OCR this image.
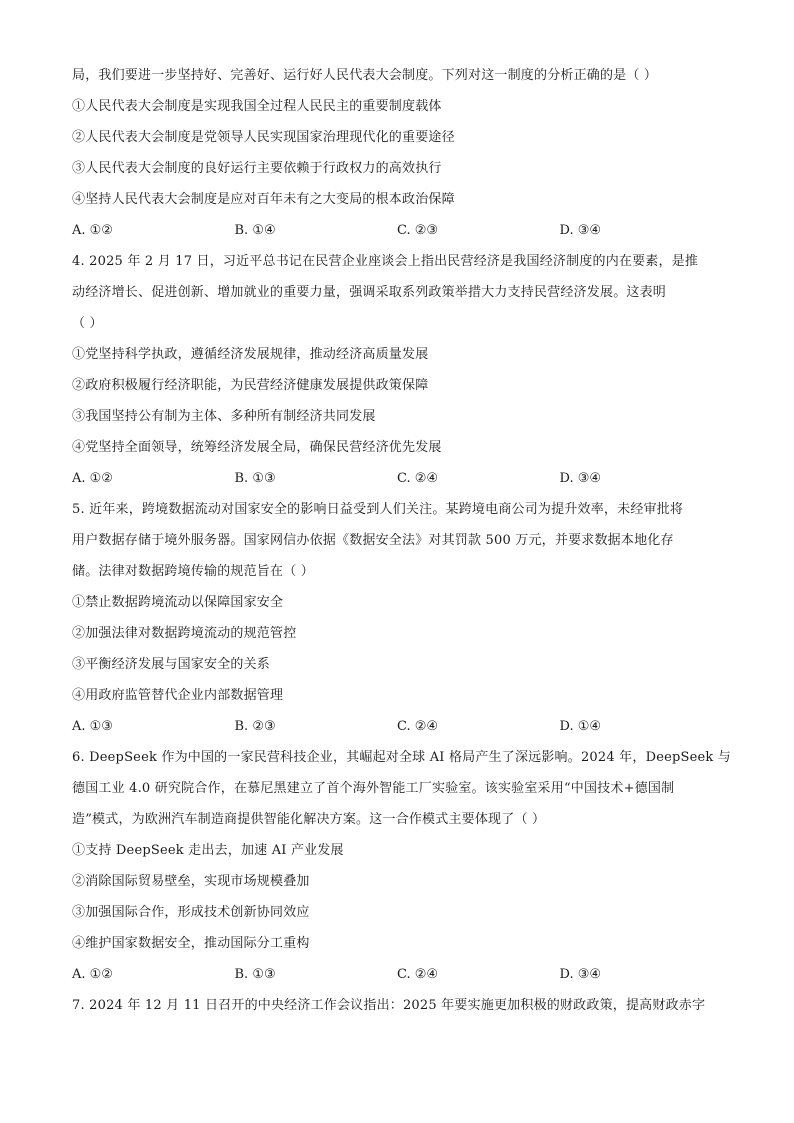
局，我们要进一步坚持好、完善好、运行好人民代表大会制度。下列对这一制度的分析正确的是（ ）
①人民代表大会制度是实现我国全过程人民民主的重要制度载体
②人民代表大会制度是党领导人民实现国家治理现代化的重要途径
③人民代表大会制度的良好运行主要依赖于行政权力的高效执行
④坚持人民代表大会制度是应对百年未有之大变局的根本政治保障
A. ①②	B. ①④	C. ②③	D. ③④
4. 2025 年 2 月 17 日，习近平总书记在民营企业座谈会上指出民营经济是我国经济制度的内在要素，是推
动经济增长、促进创新、增加就业的重要力量，强调采取系列政策举措大力支持民营经济发展。这表明
（ ）
①党坚持科学执政，遵循经济发展规律，推动经济高质量发展
②政府积极履行经济职能，为民营经济健康发展提供政策保障
③我国坚持公有制为主体、多种所有制经济共同发展
④党坚持全面领导，统筹经济发展全局，确保民营经济优先发展
A. ①②	B. ①③	C. ②④	D. ③④
5. 近年来，跨境数据流动对国家安全的影响日益受到人们关注。某跨境电商公司为提升效率，未经审批将
用户数据存储于境外服务器。国家网信办依据《数据安全法》对其罚款 500 万元，并要求数据本地化存
储。法律对数据跨境传输的规范旨在（ ）
①禁止数据跨境流动以保障国家安全
②加强法律对数据跨境流动的规范管控
③平衡经济发展与国家安全的关系
④用政府监管替代企业内部数据管理
A. ①③	B. ②③	C. ②④	D. ①④
6. DeepSeek 作为中国的一家民营科技企业，其崛起对全球 AI 格局产生了深远影响。2024 年，DeepSeek 与
德国工业 4.0 研究院合作，在慕尼黑建立了首个海外智能工厂实验室。该实验室采用“中国技术+德国制
造”模式，为欧洲汽车制造商提供智能化解决方案。这一合作模式主要体现了（ ）
①支持 DeepSeek 走出去，加速 AI 产业发展
②消除国际贸易壁垒，实现市场规模叠加
③加强国际合作，形成技术创新协同效应
④维护国家数据安全，推动国际分工重构
A. ①②	B. ①③	C. ②④	D. ③④
7. 2024 年 12 月 11 日召开的中央经济工作会议指出：2025 年要实施更加积极的财政政策，提高财政赤字
